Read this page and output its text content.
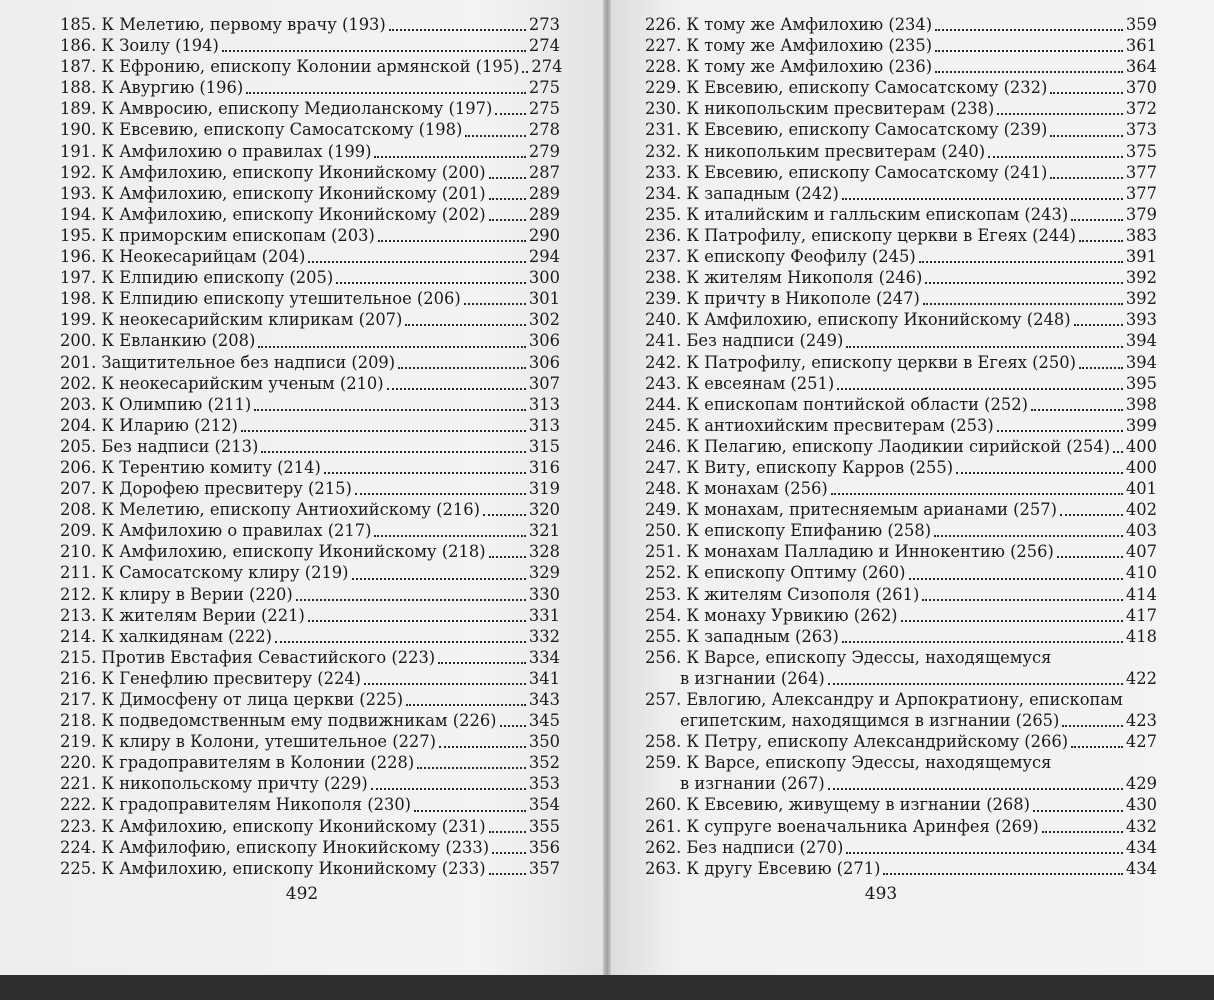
185. К Мелетию, первому врачу (193)	273
186. К Зоилу (194)	274
187. К Ефронию, епископу Колонии армянской (195) 274
188. К Авургию (196)	275
189. К Амвросию, епископу Медиоланскому (197) 275
190. К Евсевию, епископу Самосатскому (198)	278
191. К Амфилохию о правилах (199)	279
192. К Амфилохию, епископу Иконийскому (200)	287
193. К Амфилохию, епископу Иконийскому (201)	289
194. К Амфилохию, епископу Иконийскому (202)	289
195. К приморским епископам (203)	290
196. К Неокесарийцам (204)	294
197. К Елпидию епископу (205)	300
198. К Елпидию епископу утешительное (206)	301
199. К неокесарийским клирикам (207)	302
200. К Евланкию (208)	306
201. Защитительное без надписи (209)	306
202. К неокесарийским ученым (210)	307
203. К Олимпию (211)	313
204. К Иларию (212)	313
205. Без надписи (213)	315
206. К Терентию комиту (214)	316
207. К Дорофею пресвитеру (215)	319
208. К Мелетию, епископу Антиохийскому (216)	320
209. К Амфилохию о правилах (217)	321
210. К Амфилохию, епископу Иконийскому (218)	328
211. К Самосатскому клиру (219)	329
212. К клиру в Верии (220)	330
213. К жителям Верии (221)	331
214. К халкидянам (222)	332
215. Против Евстафия Севастийского (223)	334
216. К Генефлию пресвитеру (224)	341
217. К Димосфену от лица церкви (225)	343
218. К подведомственным ему подвижникам (226) 345
219. К клиру в Колони, утешительное (227)	350
220. К градоправителям в Колонии (228)	352
221. К никопольскому причту (229)	353
222. К градоправителям Никополя (230)	354
223. К Амфилохию, епископу Иконийскому (231)	355
224. К Амфилофию, епископу Инокийскому (233) 356
225. К Амфилохию, епископу Иконийскому (233)	357
492
226. К тому же Амфилохию (234)	359
227. К тому же Амфилохию (235)	361
228. К тому же Амфилохию (236)	364
229. К Евсевию, епископу Самосатскому (232)	370
230. К никопольским пресвитерам (238)	372
231. К Евсевию, епископу Самосатскому (239)	373
232. К никопольким пресвитерам (240)	375
233. К Евсевию, епископу Самосатскому (241)	377
234. К западным (242)	377
235. К италийским и галльским епископам (243)	379
236. К Патрофилу, епископу церкви в Егеях (244)	383
237. К епископу Феофилу (245)	391
238. К жителям Никополя (246)	392
239. К причту в Никополе (247)	392
240. К Амфилохию, епископу Иконийскому (248)	393
241. Без надписи (249)	394
242. К Патрофилу, епископу церкви в Егеях (250)	394
243. К евсеянам (251)	395
244. К епископам понтийской области (252)	398
245. К антиохийским пресвитерам (253)	399
246. К Пелагию, епископу Лаодикии сирийской (254) 400
247. К Виту, епископу Карров (255)	400
248. К монахам (256)	401
249. К монахам, притесняемым арианами (257)	402
250. К епископу Епифанию (258)	403
251. К монахам Палладию и Иннокентию (256)	407
252. К епископу Оптиму (260)	410
253. К жителям Сизополя (261)	414
254. К монаху Урвикию (262)	417
255. К западным (263)	418
256. К Варсе, епископу Эдессы, находящемуся
в изгнании (264)	422
257. Евлогию, Александру и Арпократиону, епископам
египетским, находящимся в изгнании (265)	423
258. К Петру, епископу Александрийскому (266)	427
259. К Варсе, епископу Эдессы, находящемуся
в изгнании (267)	429
260. К Евсевию, живущему в изгнании (268)	430
261. К супруге военачальника Аринфея (269)	432
262. Без надписи (270)	434
263. К другу Евсевию (271)	434
493
